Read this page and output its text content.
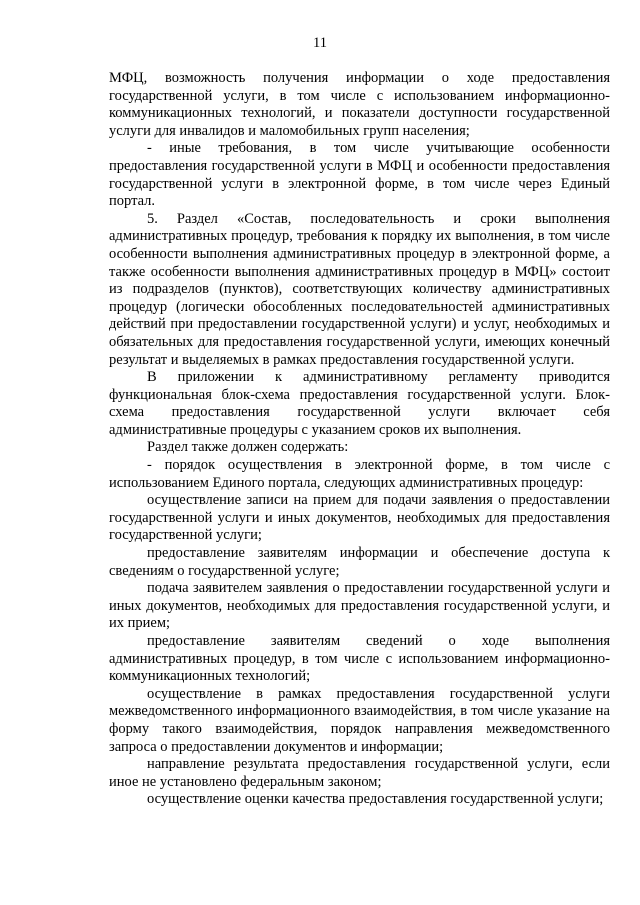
11

МФЦ, возможность получения информации о ходе предоставления государственной услуги, в том числе с использованием информационно-коммуникационных технологий, и показатели доступности государственной услуги для инвалидов и маломобильных групп населения;

- иные требования, в том числе учитывающие особенности предоставления государственной услуги в МФЦ и особенности предоставления государственной услуги в электронной форме, в том числе через Единый портал.

5. Раздел «Состав, последовательность и сроки выполнения административных процедур, требования к порядку их выполнения, в том числе особенности выполнения административных процедур в электронной форме, а также особенности выполнения административных процедур в МФЦ» состоит из подразделов (пунктов), соответствующих количеству административных процедур (логически обособленных последовательностей административных действий при предоставлении государственной услуги) и услуг, необходимых и обязательных для предоставления государственной услуги, имеющих конечный результат и выделяемых в рамках предоставления государственной услуги.

В приложении к административному регламенту приводится функциональная блок-схема предоставления государственной услуги. Блок-схема предоставления государственной услуги включает себя административные процедуры с указанием сроков их выполнения.

Раздел также должен содержать:

- порядок осуществления в электронной форме, в том числе с использованием Единого портала, следующих административных процедур:

осуществление записи на прием для подачи заявления о предоставлении государственной услуги и иных документов, необходимых для предоставления государственной услуги;

предоставление заявителям информации и обеспечение доступа к сведениям о государственной услуге;

подача заявителем заявления о предоставлении государственной услуги и иных документов, необходимых для предоставления государственной услуги, и их прием;

предоставление заявителям сведений о ходе выполнения административных процедур, в том числе с использованием информационно-коммуникационных технологий;

осуществление в рамках предоставления государственной услуги межведомственного информационного взаимодействия, в том числе указание на форму такого взаимодействия, порядок направления межведомственного запроса о предоставлении документов и информации;

направление результата предоставления государственной услуги, если иное не установлено федеральным законом;

осуществление оценки качества предоставления государственной услуги;
